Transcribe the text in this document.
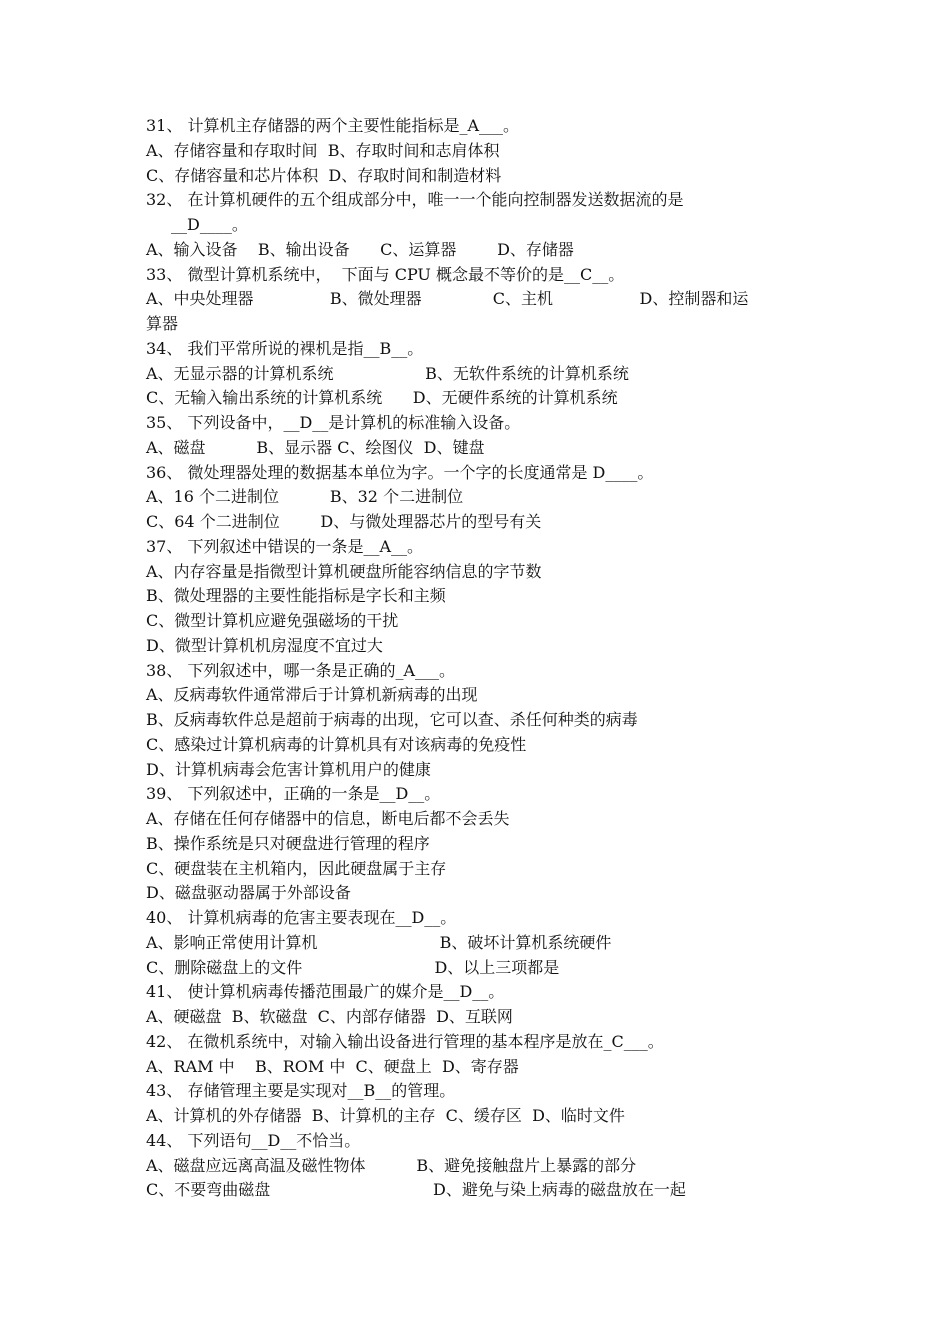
31、 计算机主存储器的两个主要性能指标是_A___。
A、存储容量和存取时间  B、存取时间和志肩体积
C、存储容量和芯片体积  D、存取时间和制造材料
32、 在计算机硬件的五个组成部分中，唯一一个能向控制器发送数据流的是
__D____。
A、输入设备    B、输出设备      C、运算器        D、存储器
33、 微型计算机系统中，  下面与 CPU 概念最不等价的是__C__。
A、中央处理器               B、微处理器              C、主机                 D、控制器和运
算器
34、 我们平常所说的裸机是指__B__。
A、无显示器的计算机系统                  B、无软件系统的计算机系统
C、无输入输出系统的计算机系统      D、无硬件系统的计算机系统
35、 下列设备中，__D__是计算机的标准输入设备。
A、磁盘          B、显示器 C、绘图仪  D、键盘
36、 微处理器处理的数据基本单位为字。一个字的长度通常是 D____。
A、16 个二进制位          B、32 个二进制位
C、64 个二进制位        D、与微处理器芯片的型号有关
37、 下列叙述中错误的一条是__A__。
A、内存容量是指微型计算机硬盘所能容纳信息的字节数
B、微处理器的主要性能指标是字长和主频
C、微型计算机应避免强磁场的干扰
D、微型计算机机房湿度不宜过大
38、 下列叙述中，哪一条是正确的_A___。
A、反病毒软件通常滞后于计算机新病毒的出现
B、反病毒软件总是超前于病毒的出现，它可以查、杀任何种类的病毒
C、感染过计算机病毒的计算机具有对该病毒的免疫性
D、计算机病毒会危害计算机用户的健康
39、 下列叙述中，正确的一条是__D__。
A、存储在任何存储器中的信息，断电后都不会丢失
B、操作系统是只对硬盘进行管理的程序
C、硬盘装在主机箱内，因此硬盘属于主存
D、磁盘驱动器属于外部设备
40、 计算机病毒的危害主要表现在__D__。
A、影响正常使用计算机                        B、破坏计算机系统硬件
C、删除磁盘上的文件                          D、以上三项都是
41、 使计算机病毒传播范围最广的媒介是__D__。
A、硬磁盘  B、软磁盘  C、内部存储器  D、互联网
42、 在微机系统中，对输入输出设备进行管理的基本程序是放在_C___。
A、RAM 中    B、ROM 中  C、硬盘上  D、寄存器
43、 存储管理主要是实现对__B__的管理。
A、计算机的外存储器  B、计算机的主存  C、缓存区  D、临时文件
44、 下列语句__D__不恰当。
A、磁盘应远离高温及磁性物体          B、避免接触盘片上暴露的部分
C、不要弯曲磁盘                                D、避免与染上病毒的磁盘放在一起
